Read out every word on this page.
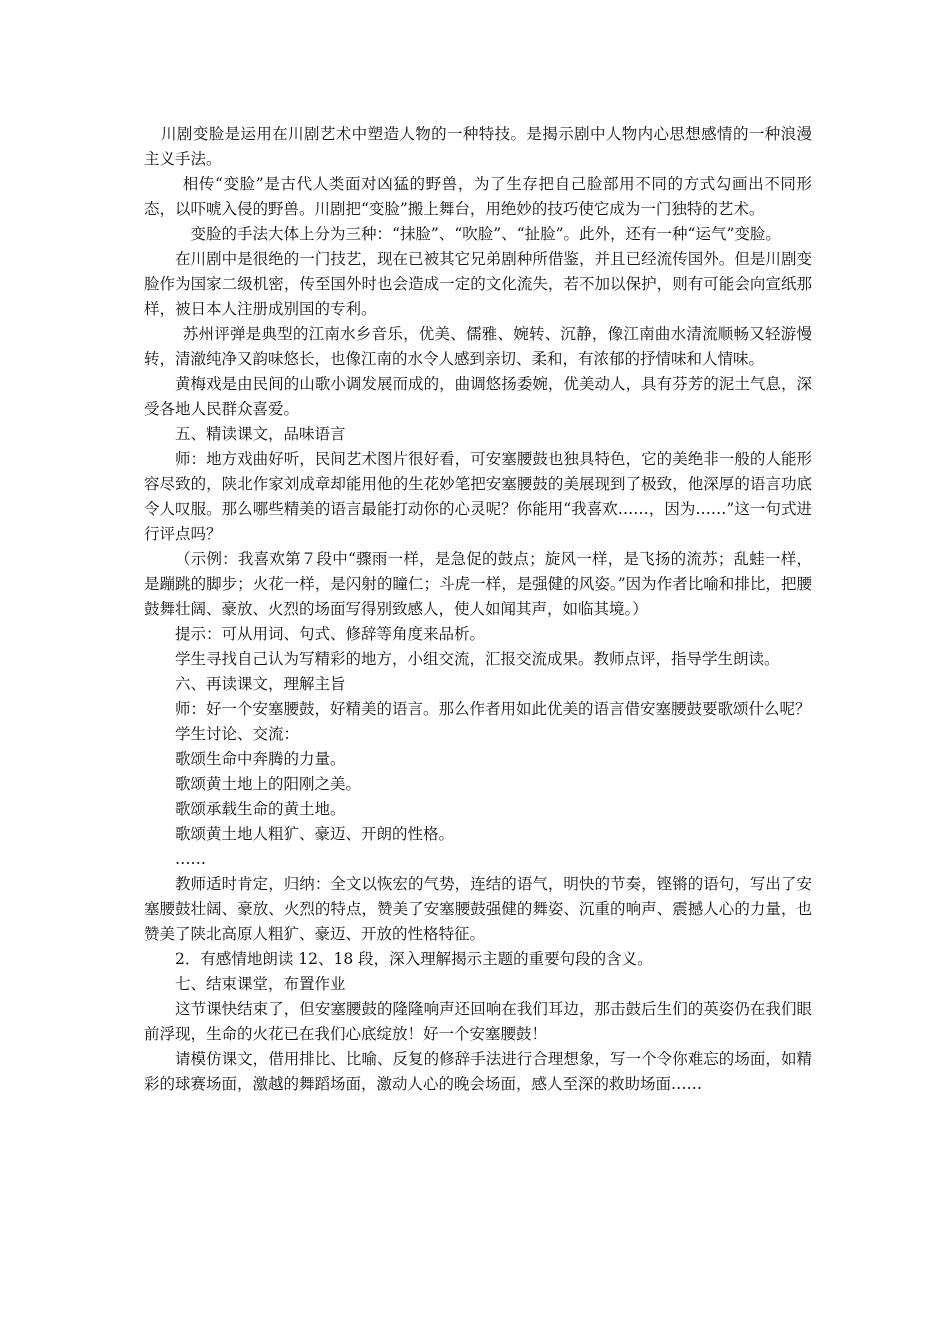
川剧变脸是运用在川剧艺术中塑造人物的一种特技。是揭示剧中人物内心思想感情的一种浪漫主义手法。

相传“变脸”是古代人类面对凶猛的野兽，为了生存把自己脸部用不同的方式勾画出不同形态，以吓唬入侵的野兽。川剧把“变脸”搬上舞台，用绝妙的技巧使它成为一门独特的艺术。

变脸的手法大体上分为三种：“抹脸”、“吹脸”、“扯脸”。此外，还有一种“运气”变脸。

在川剧中是很绝的一门技艺，现在已被其它兄弟剧种所借鉴，并且已经流传国外。但是川剧变脸作为国家二级机密，传至国外时也会造成一定的文化流失，若不加以保护，则有可能会向宣纸那样，被日本人注册成别国的专利。

苏州评弹是典型的江南水乡音乐，优美、儒雅、婉转、沉静，像江南曲水清流顺畅又轻游慢转，清澈纯净又韵味悠长，也像江南的水令人感到亲切、柔和，有浓郁的抒情味和人情味。

黄梅戏是由民间的山歌小调发展而成的，曲调悠扬委婉，优美动人，具有芬芳的泥土气息，深受各地人民群众喜爱。

五、精读课文，品味语言

师：地方戏曲好听，民间艺术图片很好看，可安塞腰鼓也独具特色，它的美绝非一般的人能形容尽致的，陕北作家刘成章却能用他的生花妙笔把安塞腰鼓的美展现到了极致，他深厚的语言功底令人叹服。那么哪些精美的语言最能打动你的心灵呢？你能用“我喜欢……，因为……”这一句式进行评点吗？

（示例：我喜欢第７段中“骤雨一样，是急促的鼓点；旋风一样，是飞扬的流苏；乱蛙一样，是蹦跳的脚步；火花一样，是闪射的瞳仁；斗虎一样，是强健的风姿。”因为作者比喻和排比，把腰鼓舞壮阔、豪放、火烈的场面写得别致感人，使人如闻其声，如临其境。）

提示：可从用词、句式、修辞等角度来品析。

学生寻找自己认为写精彩的地方，小组交流，汇报交流成果。教师点评，指导学生朗读。

六、再读课文，理解主旨

师：好一个安塞腰鼓，好精美的语言。那么作者用如此优美的语言借安塞腰鼓要歌颂什么呢？

学生讨论、交流：

歌颂生命中奔腾的力量。

歌颂黄土地上的阳刚之美。

歌颂承载生命的黄土地。

歌颂黄土地人粗犷、豪迈、开朗的性格。

……

教师适时肯定，归纳：全文以恢宏的气势，连结的语气，明快的节奏，铿锵的语句，写出了安塞腰鼓壮阔、豪放、火烈的特点，赞美了安塞腰鼓强健的舞姿、沉重的响声、震撼人心的力量，也赞美了陕北高原人粗犷、豪迈、开放的性格特征。

2．有感情地朗读 12、18 段，深入理解揭示主题的重要句段的含义。

七、结束课堂，布置作业

这节课快结束了，但安塞腰鼓的隆隆响声还回响在我们耳边，那击鼓后生们的英姿仍在我们眼前浮现，生命的火花已在我们心底绽放！好一个安塞腰鼓！

请模仿课文，借用排比、比喻、反复的修辞手法进行合理想象，写一个令你难忘的场面，如精彩的球赛场面，激越的舞蹈场面，激动人心的晚会场面，感人至深的救助场面……
